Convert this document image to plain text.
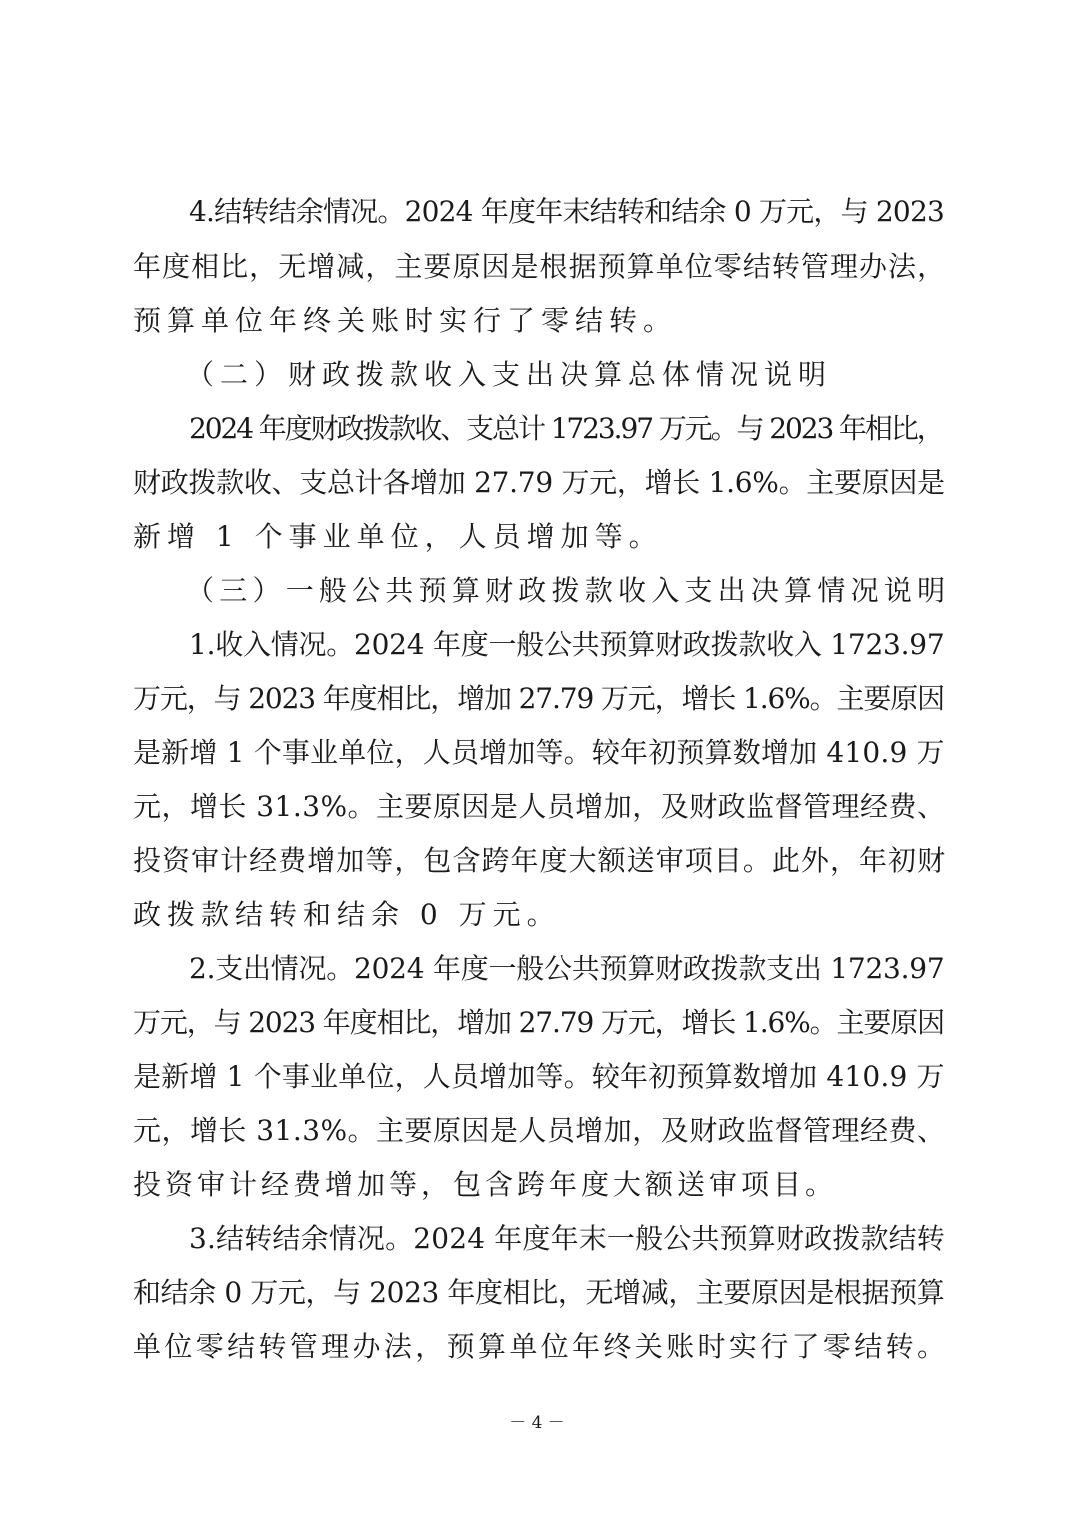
4.结转结余情况。2024 年度年末结转和结余 0 万元，与 2023
年度相比，无增减，主要原因是根据预算单位零结转管理办法，
预算单位年终关账时实行了零结转。
（二）财政拨款收入支出决算总体情况说明
2024 年度财政拨款收、支总计 1723.97 万元。与 2023 年相比，
财政拨款收、支总计各增加 27.79 万元，增长 1.6%。主要原因是
新增 1 个事业单位，人员增加等。
（三）一般公共预算财政拨款收入支出决算情况说明
1.收入情况。2024 年度一般公共预算财政拨款收入 1723.97
万元，与 2023 年度相比，增加 27.79 万元，增长 1.6%。主要原因
是新增 1 个事业单位，人员增加等。较年初预算数增加 410.9 万
元，增长 31.3%。主要原因是人员增加，及财政监督管理经费、
投资审计经费增加等，包含跨年度大额送审项目。此外，年初财
政拨款结转和结余 0 万元。
2.支出情况。2024 年度一般公共预算财政拨款支出 1723.97
万元，与 2023 年度相比，增加 27.79 万元，增长 1.6%。主要原因
是新增 1 个事业单位，人员增加等。较年初预算数增加 410.9 万
元，增长 31.3%。主要原因是人员增加，及财政监督管理经费、
投资审计经费增加等，包含跨年度大额送审项目。
3.结转结余情况。2024 年度年末一般公共预算财政拨款结转
和结余 0 万元，与 2023 年度相比，无增减，主要原因是根据预算
单位零结转管理办法，预算单位年终关账时实行了零结转。
－ 4 －
